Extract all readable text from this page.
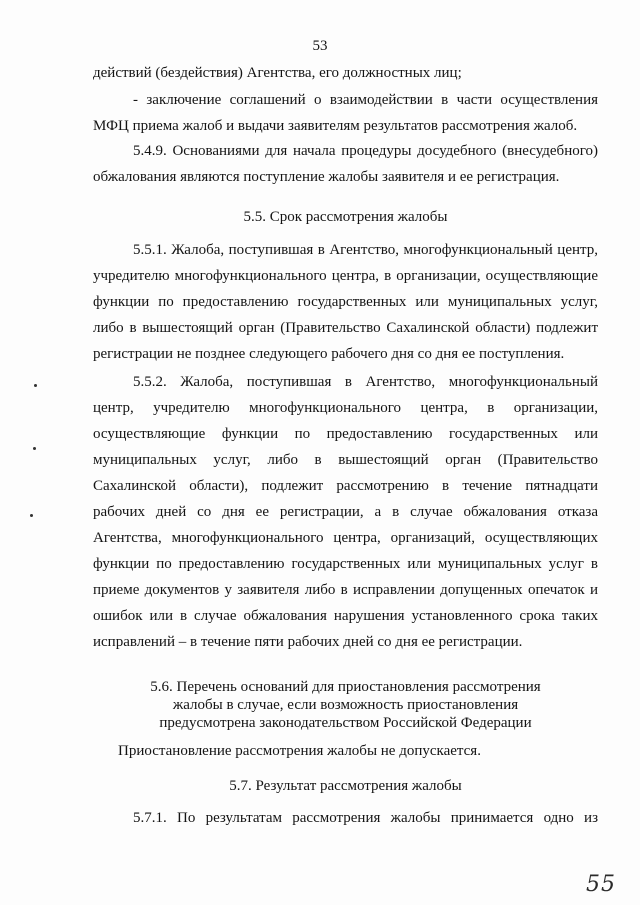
53
действий (бездействия) Агентства, его должностных лиц;
- заключение соглашений о взаимодействии в части осуществления
МФЦ приема жалоб и выдачи заявителям результатов рассмотрения жалоб.
5.4.9. Основаниями для начала процедуры досудебного (внесудебного)
обжалования являются поступление жалобы заявителя и ее регистрация.
5.5. Срок рассмотрения жалобы
5.5.1. Жалоба, поступившая в Агентство, многофункциональный центр,
учредителю многофункционального центра, в организации, осуществляющие
функции по предоставлению государственных или муниципальных услуг,
либо в вышестоящий орган (Правительство Сахалинской области) подлежит
регистрации не позднее следующего рабочего дня со дня ее поступления.
5.5.2. Жалоба, поступившая в Агентство, многофункциональный
центр, учредителю многофункционального центра, в организации,
осуществляющие функции по предоставлению государственных или
муниципальных услуг, либо в вышестоящий орган (Правительство
Сахалинской области), подлежит рассмотрению в течение пятнадцати
рабочих дней со дня ее регистрации, а в случае обжалования отказа
Агентства, многофункционального центра, организаций, осуществляющих
функции по предоставлению государственных или муниципальных услуг в
приеме документов у заявителя либо в исправлении допущенных опечаток и
ошибок или в случае обжалования нарушения установленного срока таких
исправлений – в течение пяти рабочих дней со дня ее регистрации.
5.6. Перечень оснований для приостановления рассмотрения
жалобы в случае, если возможность приостановления
предусмотрена законодательством Российской Федерации
Приостановление рассмотрения жалобы не допускается.
5.7. Результат рассмотрения жалобы
5.7.1. По результатам рассмотрения жалобы принимается одно из
55
